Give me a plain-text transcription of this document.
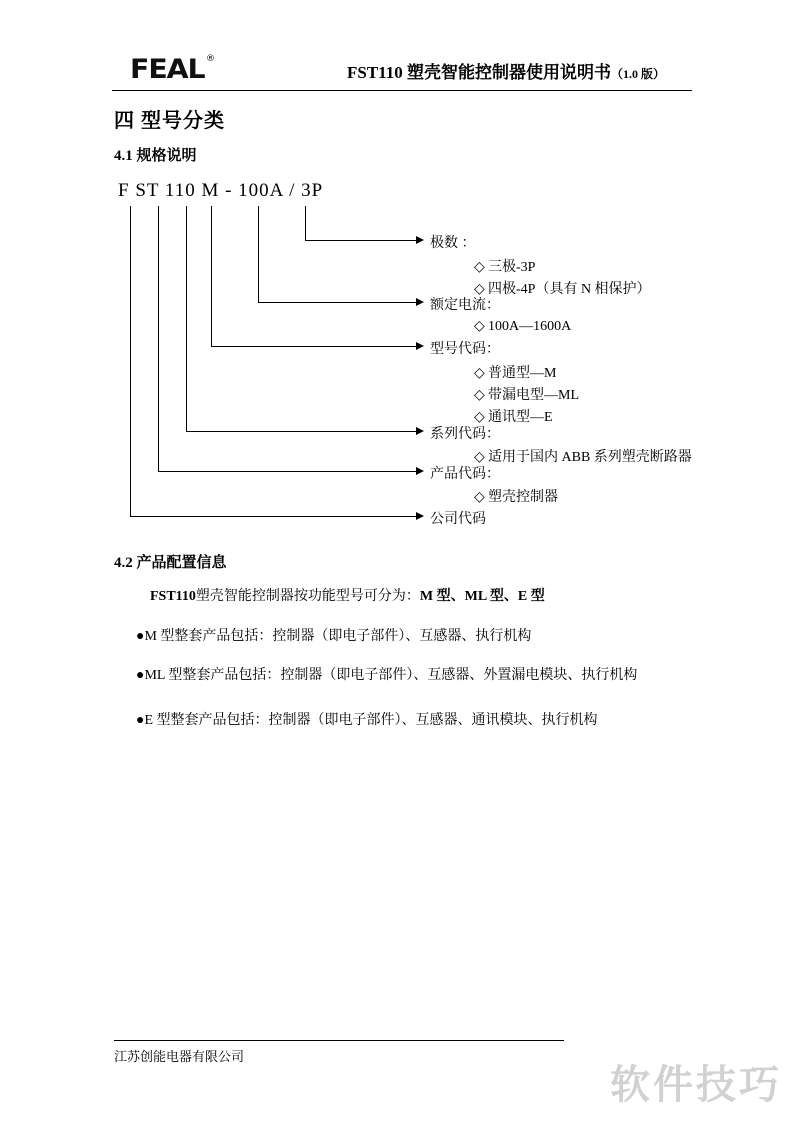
FEAL ®
FST110 塑壳智能控制器使用说明书（1.0 版）
四 型号分类
4.1 规格说明
F ST 110 M - 100A / 3P
极数 ：
◇ 三极-3P
◇ 四极-4P（具有 N 相保护）
额定电流：
◇ 100A—1600A
型号代码：
◇ 普通型—M
◇ 带漏电型—ML
◇ 通讯型—E
系列代码：
◇ 适用于国内 ABB 系列塑壳断路器
产品代码：
◇ 塑壳控制器
公司代码
4.2 产品配置信息
FST110塑壳智能控制器按功能型号可分为：M 型、ML 型、E 型
●M 型整套产品包括：控制器（即电子部件）、互感器、执行机构
●ML 型整套产品包括：控制器（即电子部件）、互感器、外置漏电模块、执行机构
●E 型整套产品包括：控制器（即电子部件）、互感器、通讯模块、执行机构
江苏创能电器有限公司
软件技巧
